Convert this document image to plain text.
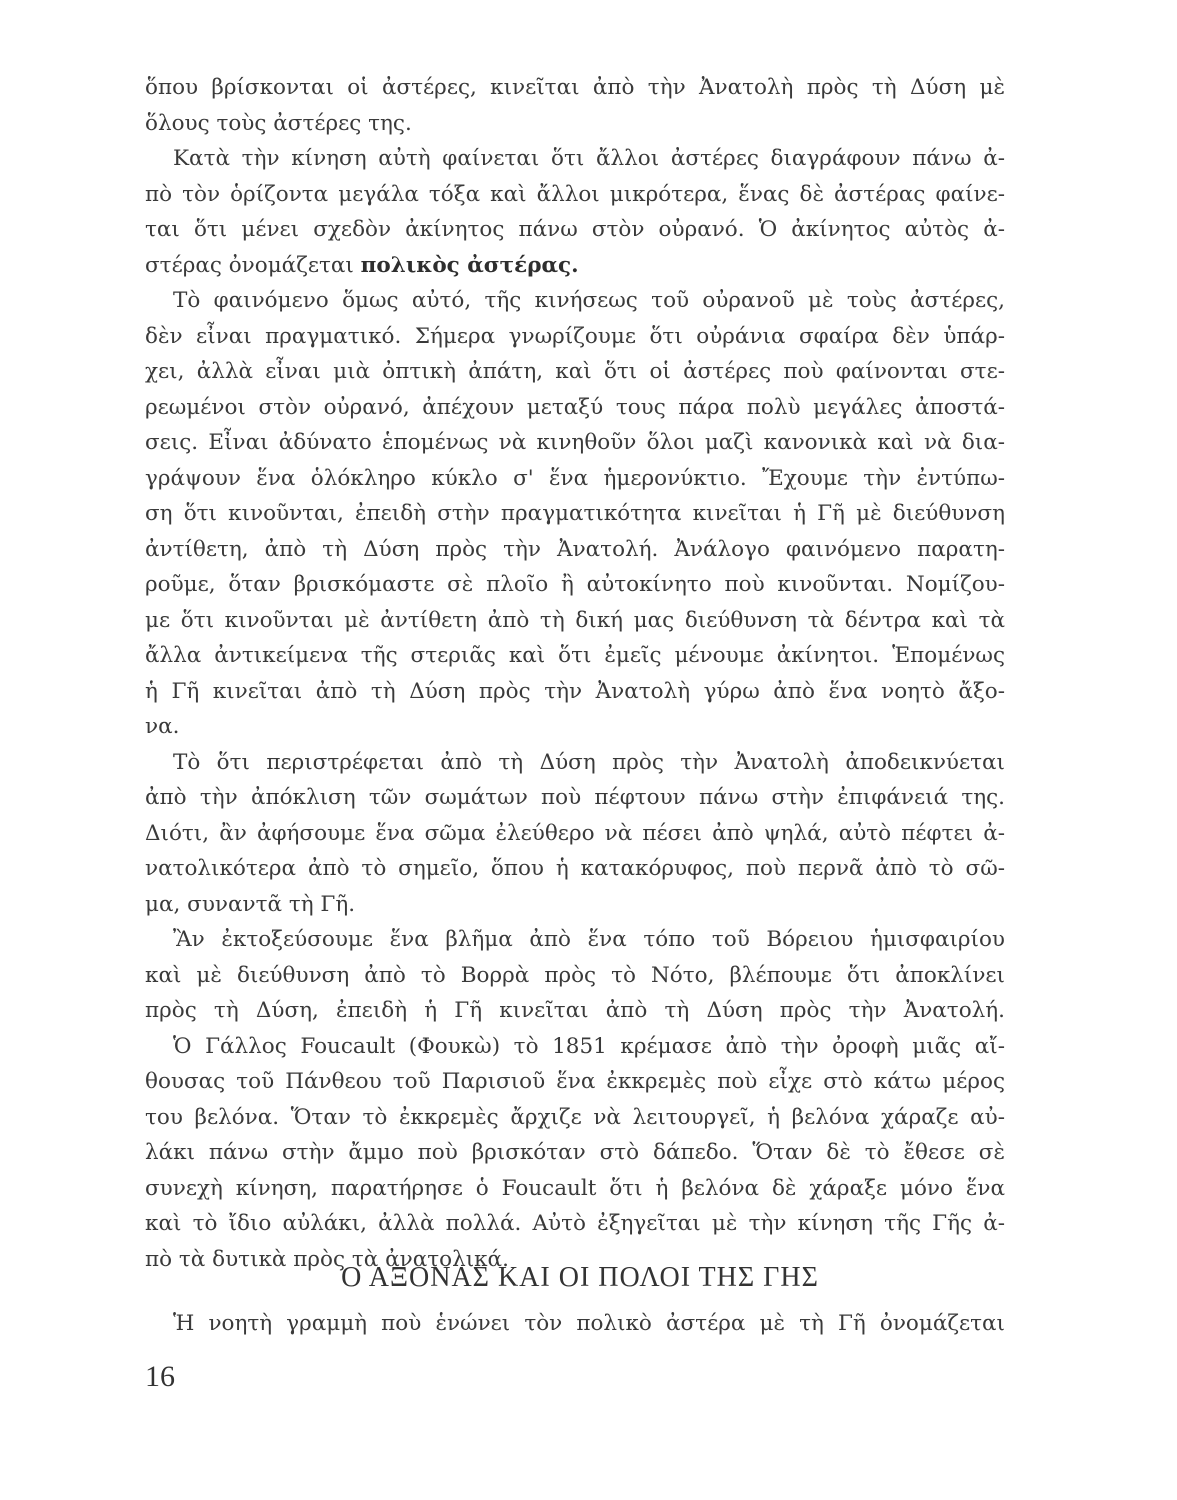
ὅπου βρίσκονται οἱ ἀστέρες, κινεῖται ἀπὸ τὴν Ἀνατολὴ πρὸς τὴ Δύση μὲ
ὅλους τοὺς ἀστέρες της.
Κατὰ τὴν κίνηση αὐτὴ φαίνεται ὅτι ἄλλοι ἀστέρες διαγράφουν πάνω ἀ-
πὸ τὸν ὁρίζοντα μεγάλα τόξα καὶ ἄλλοι μικρότερα, ἕνας δὲ ἀστέρας φαίνε-
ται ὅτι μένει σχεδὸν ἀκίνητος πάνω στὸν οὐρανό. Ὁ ἀκίνητος αὐτὸς ἀ-
στέρας ὀνομάζεται πολικὸς ἀστέρας.
Τὸ φαινόμενο ὅμως αὐτό, τῆς κινήσεως τοῦ οὐρανοῦ μὲ τοὺς ἀστέρες,
δὲν εἶναι πραγματικό. Σήμερα γνωρίζουμε ὅτι οὐράνια σφαίρα δὲν ὑπάρ-
χει, ἀλλὰ εἶναι μιὰ ὀπτικὴ ἀπάτη, καὶ ὅτι οἱ ἀστέρες ποὺ φαίνονται στε-
ρεωμένοι στὸν οὐρανό, ἀπέχουν μεταξύ τους πάρα πολὺ μεγάλες ἀποστά-
σεις. Εἶναι ἀδύνατο ἑπομένως νὰ κινηθοῦν ὅλοι μαζὶ κανονικὰ καὶ νὰ δια-
γράψουν ἕνα ὁλόκληρο κύκλο σ' ἕνα ἡμερονύκτιο. Ἔχουμε τὴν ἐντύπω-
ση ὅτι κινοῦνται, ἐπειδὴ στὴν πραγματικότητα κινεῖται ἡ Γῆ μὲ διεύθυνση
ἀντίθετη, ἀπὸ τὴ Δύση πρὸς τὴν Ἀνατολή. Ἀνάλογο φαινόμενο παρατη-
ροῦμε, ὅταν βρισκόμαστε σὲ πλοῖο ἢ αὐτοκίνητο ποὺ κινοῦνται. Νομίζου-
με ὅτι κινοῦνται μὲ ἀντίθετη ἀπὸ τὴ δική μας διεύθυνση τὰ δέντρα καὶ τὰ
ἄλλα ἀντικείμενα τῆς στεριᾶς καὶ ὅτι ἐμεῖς μένουμε ἀκίνητοι. Ἑπομένως
ἡ Γῆ κινεῖται ἀπὸ τὴ Δύση πρὸς τὴν Ἀνατολὴ γύρω ἀπὸ ἕνα νοητὸ ἄξο-
να.
Τὸ ὅτι περιστρέφεται ἀπὸ τὴ Δύση πρὸς τὴν Ἀνατολὴ ἀποδεικνύεται
ἀπὸ τὴν ἀπόκλιση τῶν σωμάτων ποὺ πέφτουν πάνω στὴν ἐπιφάνειά της.
Διότι, ἂν ἀφήσουμε ἕνα σῶμα ἐλεύθερο νὰ πέσει ἀπὸ ψηλά, αὐτὸ πέφτει ἀ-
νατολικότερα ἀπὸ τὸ σημεῖο, ὅπου ἡ κατακόρυφος, ποὺ περνᾶ ἀπὸ τὸ σῶ-
μα, συναντᾶ τὴ Γῆ.
Ἂν ἐκτοξεύσουμε ἕνα βλῆμα ἀπὸ ἕνα τόπο τοῦ Βόρειου ἡμισφαιρίου
καὶ μὲ διεύθυνση ἀπὸ τὸ Βορρὰ πρὸς τὸ Νότο, βλέπουμε ὅτι ἀποκλίνει
πρὸς τὴ Δύση, ἐπειδὴ ἡ Γῆ κινεῖται ἀπὸ τὴ Δύση πρὸς τὴν Ἀνατολή.
Ὁ Γάλλος Foucault (Φουκὼ) τὸ 1851 κρέμασε ἀπὸ τὴν ὀροφὴ μιᾶς αἴ-
θουσας τοῦ Πάνθεου τοῦ Παρισιοῦ ἕνα ἐκκρεμὲς ποὺ εἶχε στὸ κάτω μέρος
του βελόνα. Ὅταν τὸ ἐκκρεμὲς ἄρχιζε νὰ λειτουργεῖ, ἡ βελόνα χάραζε αὐ-
λάκι πάνω στὴν ἄμμο ποὺ βρισκόταν στὸ δάπεδο. Ὅταν δὲ τὸ ἔθεσε σὲ
συνεχὴ κίνηση, παρατήρησε ὁ Foucault ὅτι ἡ βελόνα δὲ χάραξε μόνο ἕνα
καὶ τὸ ἴδιο αὐλάκι, ἀλλὰ πολλά. Αὐτὸ ἐξηγεῖται μὲ τὴν κίνηση τῆς Γῆς ἀ-
πὸ τὰ δυτικὰ πρὸς τὰ ἀνατολικά.
Ο ΑΞΟΝΑΣ ΚΑΙ ΟΙ ΠΟΛΟΙ ΤΗΣ ΓΗΣ
Ἡ νοητὴ γραμμὴ ποὺ ἑνώνει τὸν πολικὸ ἀστέρα μὲ τὴ Γῆ ὀνομάζεται
16
